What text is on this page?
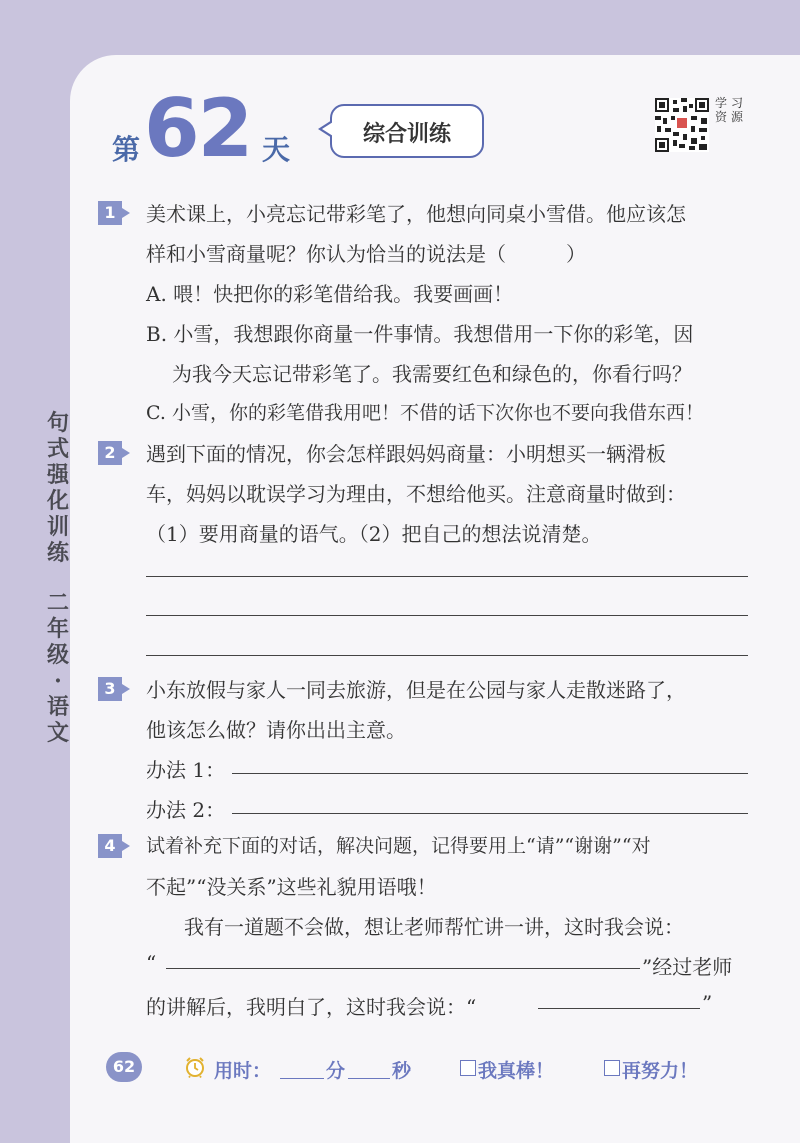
句
式
强
化
训
练
二
年
级
·
语
文
第 62 天	综合训练
学 习
资 源
1	美术课上，小亮忘记带彩笔了，他想向同桌小雪借。他应该怎
样和小雪商量呢？你认为恰当的说法是（　　　）
A. 喂！快把你的彩笔借给我。我要画画！
B. 小雪，我想跟你商量一件事情。我想借用一下你的彩笔，因
为我今天忘记带彩笔了。我需要红色和绿色的，你看行吗？
C. 小雪，你的彩笔借我用吧！不借的话下次你也不要向我借东西！
2	遇到下面的情况，你会怎样跟妈妈商量：小明想买一辆滑板
车，妈妈以耽误学习为理由，不想给他买。注意商量时做到：
（1）要用商量的语气。（2）把自己的想法说清楚。
3	小东放假与家人一同去旅游，但是在公园与家人走散迷路了，
他该怎么做？请你出出主意。
办法 1：
办法 2：
4	试着补充下面的对话，解决问题，记得要用上“请”“谢谢”“对
不起”“没关系”这些礼貌用语哦！
我有一道题不会做，想让老师帮忙讲一讲，这时我会说：
“	”经过老师
的讲解后，我明白了，这时我会说：“	”
62	用时：	分 秒	我真棒！	再努力！
